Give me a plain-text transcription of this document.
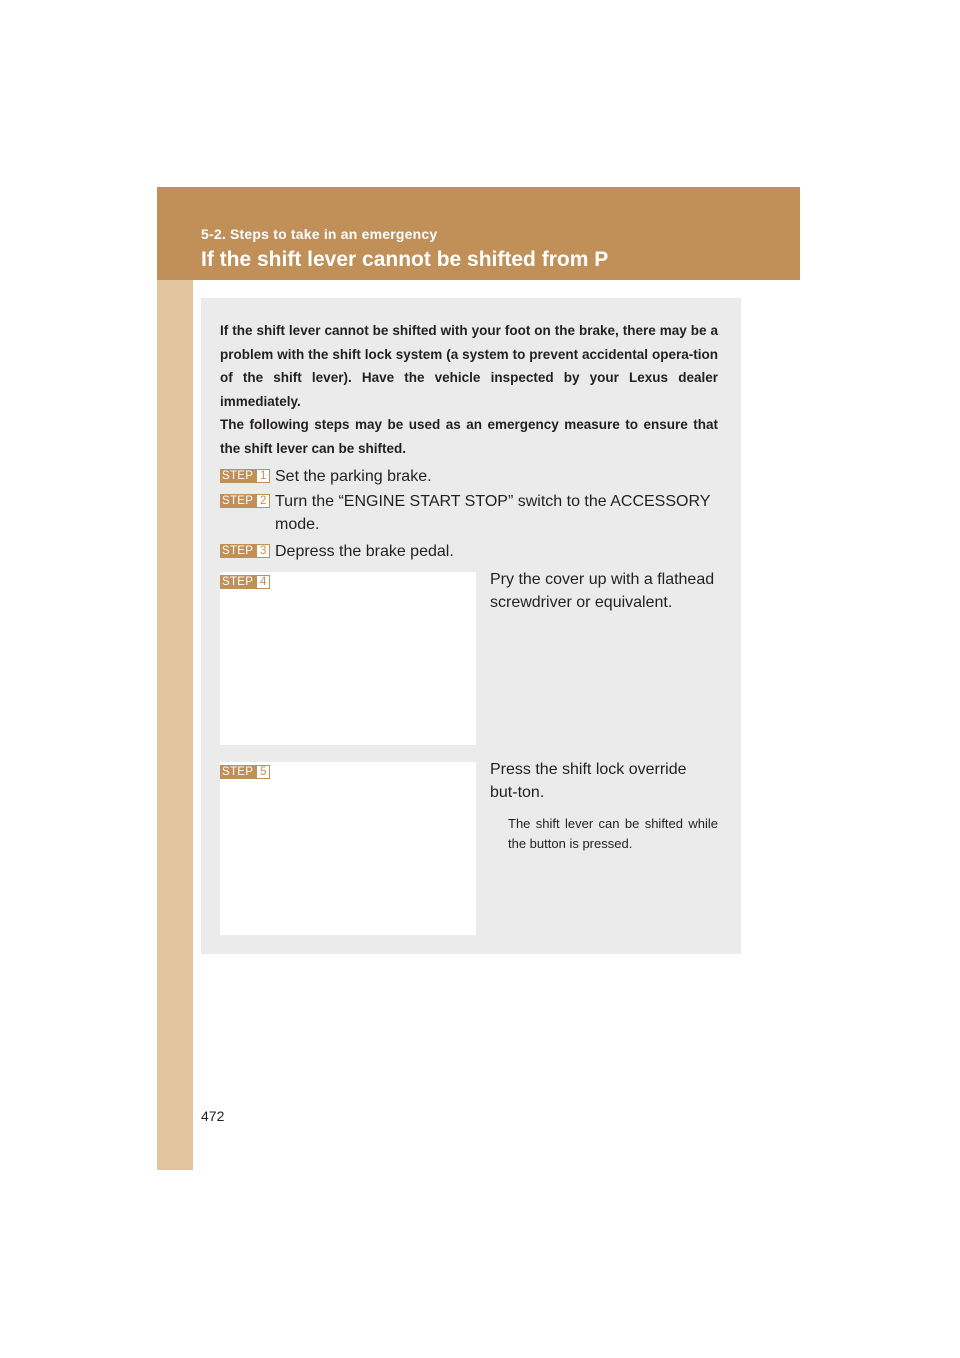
5-2. Steps to take in an emergency
If the shift lever cannot be shifted from P

If the shift lever cannot be shifted with your foot on the brake, there may be a problem with the shift lock system (a system to prevent accidental opera-tion of the shift lever). Have the vehicle inspected by your Lexus dealer immediately.

The following steps may be used as an emergency measure to ensure that the shift lever can be shifted.

STEP 1 Set the parking brake.

STEP 2 Turn the “ENGINE START STOP” switch to the ACCESSORY mode.

STEP 3 Depress the brake pedal.

STEP 4	Pry the cover up with a flathead screwdriver or equivalent.

STEP 5	Press the shift lock override but-ton.

The shift lever can be shifted while the button is pressed.

472
